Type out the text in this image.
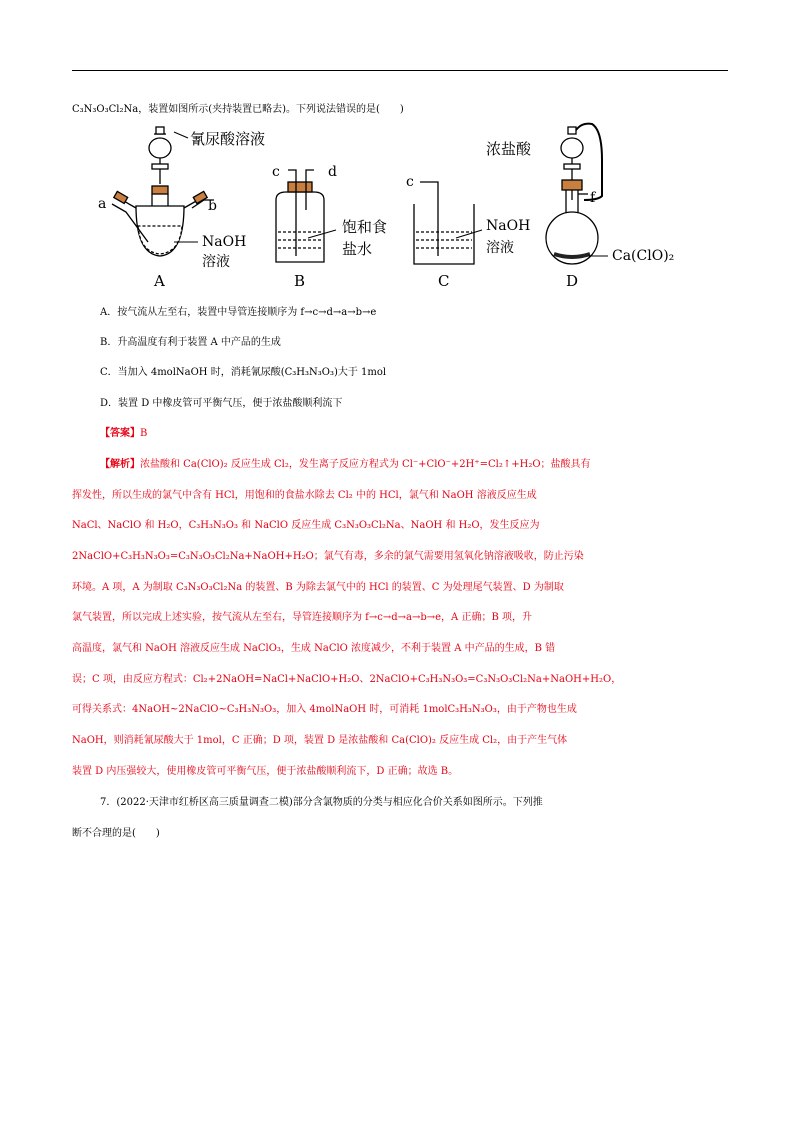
C₃N₃O₃Cl₂Na，装置如图所示(夹持装置已略去)。下列说法错误的是(　　)
氰尿酸溶液
a	b
NaOH
溶液
A
c	d
饱和食
盐水
B
c
NaOH
溶液
C
f
浓盐酸
Ca(ClO)₂
D
A．按气流从左至右，装置中导管连接顺序为 f→c→d→a→b→e
B．升高温度有利于装置 A 中产品的生成
C．当加入 4molNaOH 时，消耗氰尿酸(C₃H₃N₃O₃)大于 1mol
D．装置 D 中橡皮管可平衡气压，便于浓盐酸顺利流下
【答案】B
【解析】浓盐酸和 Ca(ClO)₂ 反应生成 Cl₂，发生离子反应方程式为 Cl⁻+ClO⁻+2H⁺=Cl₂↑+H₂O；盐酸具有
挥发性，所以生成的氯气中含有 HCl，用饱和的食盐水除去 Cl₂ 中的 HCl，氯气和 NaOH 溶液反应生成
NaCl、NaClO 和 H₂O，C₃H₃N₃O₃ 和 NaClO 反应生成 C₃N₃O₃Cl₂Na、NaOH 和 H₂O，发生反应为
2NaClO+C₃H₃N₃O₃=C₃N₃O₃Cl₂Na+NaOH+H₂O；氯气有毒，多余的氯气需要用氢氧化钠溶液吸收，防止污染
环境。A 项，A 为制取 C₃N₃O₃Cl₂Na 的装置、B 为除去氯气中的 HCl 的装置、C 为处理尾气装置、D 为制取
氯气装置，所以完成上述实验，按气流从左至右，导管连接顺序为 f→c→d→a→b→e，A 正确；B 项，升
高温度，氯气和 NaOH 溶液反应生成 NaClO₃，生成 NaClO 浓度减少，不利于装置 A 中产品的生成，B 错
误；C 项，由反应方程式：Cl₂+2NaOH=NaCl+NaClO+H₂O、2NaClO+C₃H₃N₃O₃=C₃N₃O₃Cl₂Na+NaOH+H₂O，
可得关系式：4NaOH~2NaClO~C₃H₃N₃O₃，加入 4molNaOH 时，可消耗 1molC₃H₃N₃O₃，由于产物也生成
NaOH，则消耗氰尿酸大于 1mol，C 正确；D 项，装置 D 是浓盐酸和 Ca(ClO)₂ 反应生成 Cl₂，由于产生气体
装置 D 内压强较大，使用橡皮管可平衡气压，便于浓盐酸顺利流下，D 正确；故选 B。
7．(2022·天津市红桥区高三质量调查二模)部分含氯物质的分类与相应化合价关系如图所示。下列推
断不合理的是(　　)
